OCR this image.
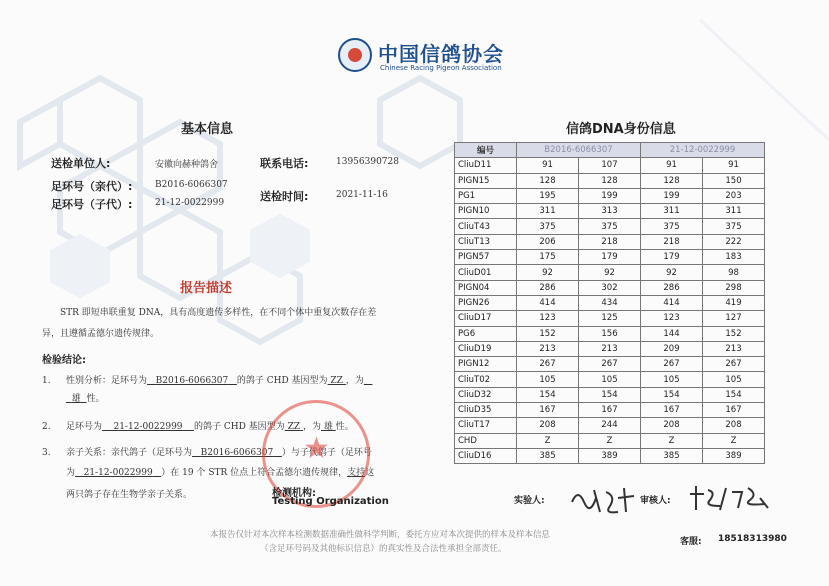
中国信鸽协会
Chinese Racing Pigeon Association
基本信息
送检单位人:	安徽向赫种鸽舍	联系电话:	13956390728
足环号（亲代）:	B2016-6066307
送检时间:	2021-11-16
足环号（子代）:	21-12-0022999
报告描述
STR 即短串联重复 DNA，具有高度遗传多样性，在不同个体中重复次数存在差
异，且遵循孟德尔遗传规律。
检验结论:
1. 性别分析：足环号为 B2016-6066307 的鸽子 CHD 基因型为 ZZ ，为
雄 性。
2. 足环号为 21-12-0022999 的鸽子 CHD 基因型为 ZZ ，为 雄 性。
3. 亲子关系：亲代鸽子（足环号为 B2016-6066307 ）与子代鸽子（足环号
为 21-12-0022999 ）在 19 个 STR 位点上符合孟德尔遗传规律，支持这
两只鸽子存在生物学亲子关系。
★
检测机构:
Testing Organization
信鸽DNA身份信息
编号	B2016-6066307		21-12-0022999	
CliuD11	91	107	91	91
PIGN15	128	128	128	150
PG1	195	199	199	203
PIGN10	311	313	311	311
CliuT43	375	375	375	375
CliuT13	206	218	218	222
PIGN57	175	179	179	183
CliuD01	92	92	92	98
PIGN04	286	302	286	298
PIGN26	414	434	414	419
CliuD17	123	125	123	127
PG6	152	156	144	152
CliuD19	213	213	209	213
PIGN12	267	267	267	267
CliuT02	105	105	105	105
CliuD32	154	154	154	154
CliuD35	167	167	167	167
CliuT17	208	244	208	208
CHD	Z	Z	Z	Z
CliuD16	385	389	385	389
实验人:	审核人:
本报告仅针对本次样本检测数据准确性做科学判断，委托方应对本次提供的样本及样本信息
（含足环号码及其他标识信息）的真实性及合法性承担全部责任。
客服: 18518313980
